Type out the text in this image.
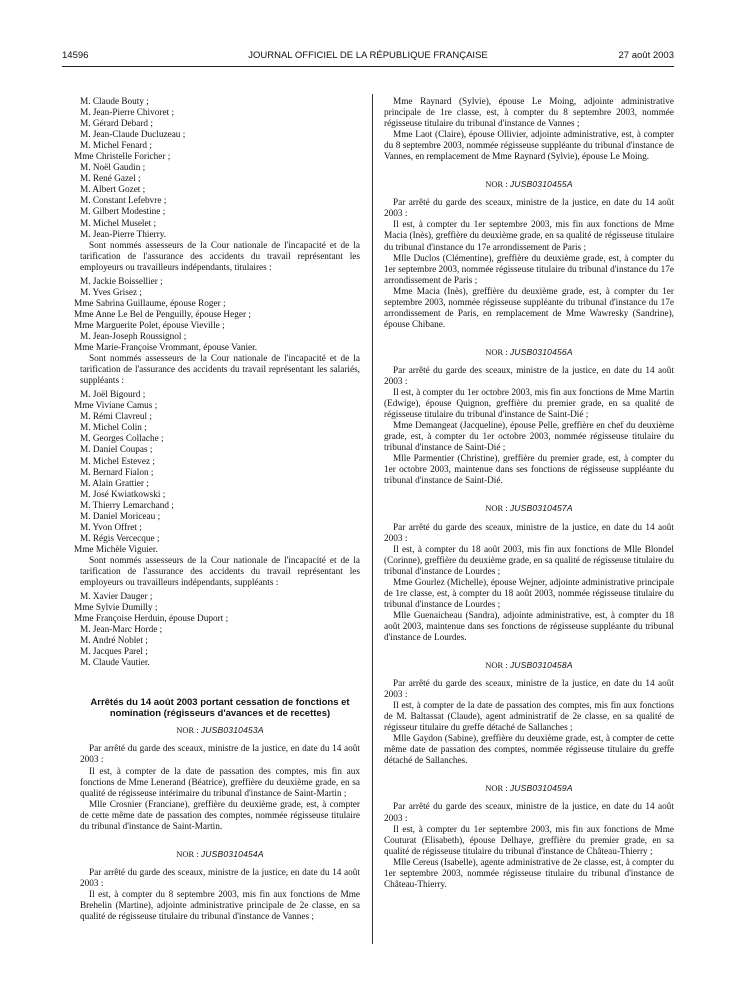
14596	JOURNAL OFFICIEL DE LA RÉPUBLIQUE FRANÇAISE	27 août 2003
M. Claude Bouty ;
M. Jean-Pierre Chivoret ;
M. Gérard Debard ;
M. Jean-Claude Ducluzeau ;
M. Michel Fenard ;
Mme Christelle Foricher ;
M. Noël Gaudin ;
M. René Gazel ;
M. Albert Gozet ;
M. Constant Lefebvre ;
M. Gilbert Modestine ;
M. Michel Muselet ;
M. Jean-Pierre Thierry.

Sont nommés assesseurs de la Cour nationale de l'incapacité et de la tarification de l'assurance des accidents du travail représentant les employeurs ou travailleurs indépendants, titulaires :

M. Jackie Boissellier ;
M. Yves Grisez ;
Mme Sabrina Guillaume, épouse Roger ;
Mme Anne Le Bel de Penguilly, épouse Heger ;
Mme Marguerite Polet, épouse Vieville ;
M. Jean-Joseph Roussignol ;
Mme Marie-Françoise Vrommant, épouse Vanier.

Sont nommés assesseurs de la Cour nationale de l'incapacité et de la tarification de l'assurance des accidents du travail représentant les salariés, suppléants :

M. Joël Bigourd ;
Mme Viviane Camus ;
M. Rémi Clavreul ;
M. Michel Colin ;
M. Georges Collache ;
M. Daniel Coupas ;
M. Michel Estevez ;
M. Bernard Fialon ;
M. Alain Grattier ;
M. José Kwiatkowski ;
M. Thierry Lemarchand ;
M. Daniel Moriceau ;
M. Yvon Offret ;
M. Régis Vercecque ;
Mme Michèle Viguier.

Sont nommés assesseurs de la Cour nationale de l'incapacité et de la tarification de l'assurance des accidents du travail représentant les employeurs ou travailleurs indépendants, suppléants :

M. Xavier Dauger ;
Mme Sylvie Dumilly ;
Mme Françoise Herduin, épouse Duport ;
M. Jean-Marc Horde ;
M. André Noblet ;
M. Jacques Parel ;
M. Claude Vautier.
Arrêtés du 14 août 2003 portant cessation de fonctions et nomination (régisseurs d'avances et de recettes)
NOR : JUSB0310453A

Par arrêté du garde des sceaux, ministre de la justice, en date du 14 août 2003 :

Il est, à compter de la date de passation des comptes, mis fin aux fonctions de Mme Lenerand (Béatrice), greffière du deuxième grade, en sa qualité de régisseuse intérimaire du tribunal d'instance de Saint-Martin ;

Mlle Crosnier (Franciane), greffière du deuxième grade, est, à compter de cette même date de passation des comptes, nommée régisseuse titulaire du tribunal d'instance de Saint-Martin.

NOR : JUSB0310454A

Par arrêté du garde des sceaux, ministre de la justice, en date du 14 août 2003 :

Il est, à compter du 8 septembre 2003, mis fin aux fonctions de Mme Brehelin (Martine), adjointe administrative principale de 2e classe, en sa qualité de régisseuse titulaire du tribunal d'instance de Vannes ;

Mme Raynard (Sylvie), épouse Le Moing, adjointe administrative principale de 1re classe, est, à compter du 8 septembre 2003, nommée régisseuse titulaire du tribunal d'instance de Vannes ;

Mme Laot (Claire), épouse Ollivier, adjointe administrative, est, à compter du 8 septembre 2003, nommée régisseuse suppléante du tribunal d'instance de Vannes, en remplacement de Mme Raynard (Sylvie), épouse Le Moing.

NOR : JUSB0310455A

Par arrêté du garde des sceaux, ministre de la justice, en date du 14 août 2003 :

Il est, à compter du 1er septembre 2003, mis fin aux fonctions de Mme Macia (Inès), greffière du deuxième grade, en sa qualité de régisseuse titulaire du tribunal d'instance du 17e arrondissement de Paris ;

Mlle Duclos (Clémentine), greffière du deuxième grade, est, à compter du 1er septembre 2003, nommée régisseuse titulaire du tribunal d'instance du 17e arrondissement de Paris ;

Mme Macia (Inès), greffière du deuxième grade, est, à compter du 1er septembre 2003, nommée régisseuse suppléante du tribunal d'instance du 17e arrondissement de Paris, en remplacement de Mme Wawresky (Sandrine), épouse Chibane.

NOR : JUSB0310456A

Par arrêté du garde des sceaux, ministre de la justice, en date du 14 août 2003 :

Il est, à compter du 1er octobre 2003, mis fin aux fonctions de Mme Martin (Edwige), épouse Quignon, greffière du premier grade, en sa qualité de régisseuse titulaire du tribunal d'instance de Saint-Dié ;

Mme Demangeat (Jacqueline), épouse Pelle, greffière en chef du deuxième grade, est, à compter du 1er octobre 2003, nommée régisseuse titulaire du tribunal d'instance de Saint-Dié ;

Mlle Parmentier (Christine), greffière du premier grade, est, à compter du 1er octobre 2003, maintenue dans ses fonctions de régisseuse suppléante du tribunal d'instance de Saint-Dié.

NOR : JUSB0310457A

Par arrêté du garde des sceaux, ministre de la justice, en date du 14 août 2003 :

Il est, à compter du 18 août 2003, mis fin aux fonctions de Mlle Blondel (Corinne), greffière du deuxième grade, en sa qualité de régisseuse titulaire du tribunal d'instance de Lourdes ;

Mme Gourlez (Michelle), épouse Wejner, adjointe administrative principale de 1re classe, est, à compter du 18 août 2003, nommée régisseuse titulaire du tribunal d'instance de Lourdes ;

Mlle Guenaicheau (Sandra), adjointe administrative, est, à compter du 18 août 2003, maintenue dans ses fonctions de régisseuse suppléante du tribunal d'instance de Lourdes.

NOR : JUSB0310458A

Par arrêté du garde des sceaux, ministre de la justice, en date du 14 août 2003 :

Il est, à compter de la date de passation des comptes, mis fin aux fonctions de M. Baltassat (Claude), agent administratif de 2e classe, en sa qualité de régisseur titulaire du greffe détaché de Sallanches ;

Mlle Gaydon (Sabine), greffière du deuxième grade, est, à compter de cette même date de passation des comptes, nommée régisseuse titulaire du greffe détaché de Sallanches.

NOR : JUSB0310459A

Par arrêté du garde des sceaux, ministre de la justice, en date du 14 août 2003 :

Il est, à compter du 1er septembre 2003, mis fin aux fonctions de Mme Couturat (Elisabeth), épouse Delhaye, greffière du premier grade, en sa qualité de régisseuse titulaire du tribunal d'instance de Château-Thierry ;

Mlle Cereus (Isabelle), agente administrative de 2e classe, est, à compter du 1er septembre 2003, nommée régisseuse titulaire du tribunal d'instance de Château-Thierry.
